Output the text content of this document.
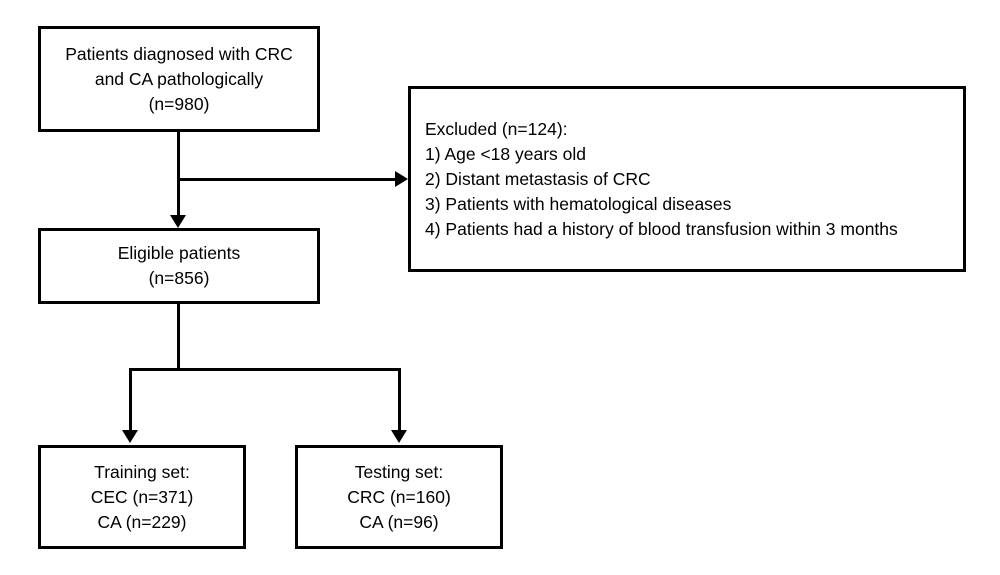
Patients diagnosed with CRC
and CA pathologically
(n=980)
Excluded (n=124):
1) Age <18 years old
2) Distant metastasis of CRC
3) Patients with hematological diseases
4) Patients had a history of blood transfusion within 3 months
Eligible patients
(n=856)
Training set:
CEC (n=371)
CA (n=229)
Testing set:
CRC (n=160)
CA (n=96)
